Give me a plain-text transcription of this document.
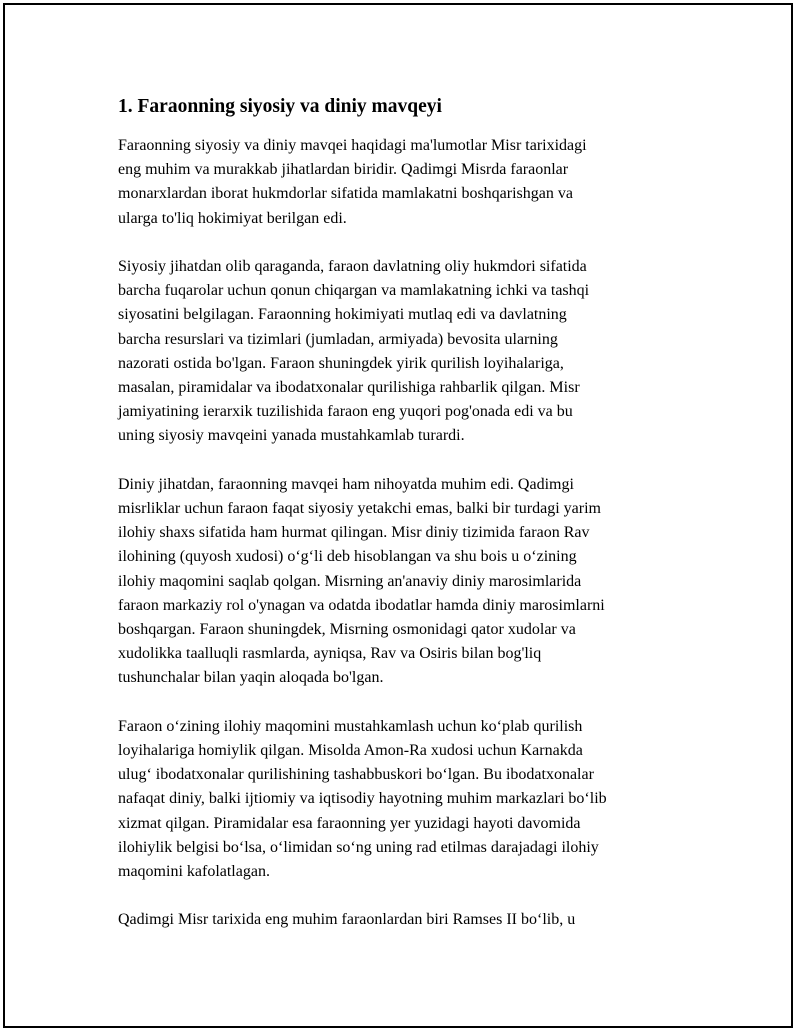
1. Faraonning siyosiy va diniy mavqeyi

Faraonning siyosiy va diniy mavqei haqidagi ma'lumotlar Misr tarixidagi
eng muhim va murakkab jihatlardan biridir. Qadimgi Misrda faraonlar
monarxlardan iborat hukmdorlar sifatida mamlakatni boshqarishgan va
ularga to'liq hokimiyat berilgan edi.

Siyosiy jihatdan olib qaraganda, faraon davlatning oliy hukmdori sifatida
barcha fuqarolar uchun qonun chiqargan va mamlakatning ichki va tashqi
siyosatini belgilagan. Faraonning hokimiyati mutlaq edi va davlatning
barcha resurslari va tizimlari (jumladan, armiyada) bevosita ularning
nazorati ostida bo'lgan. Faraon shuningdek yirik qurilish loyihalariga,
masalan, piramidalar va ibodatxonalar qurilishiga rahbarlik qilgan. Misr
jamiyatining ierarxik tuzilishida faraon eng yuqori pog'onada edi va bu
uning siyosiy mavqeini yanada mustahkamlab turardi.

Diniy jihatdan, faraonning mavqei ham nihoyatda muhim edi. Qadimgi
misrliklar uchun faraon faqat siyosiy yetakchi emas, balki bir turdagi yarim
ilohiy shaxs sifatida ham hurmat qilingan. Misr diniy tizimida faraon Rav
ilohining (quyosh xudosi) o‘g‘li deb hisoblangan va shu bois u o‘zining
ilohiy maqomini saqlab qolgan. Misrning an'anaviy diniy marosimlarida
faraon markaziy rol o'ynagan va odatda ibodatlar hamda diniy marosimlarni
boshqargan. Faraon shuningdek, Misrning osmonidagi qator xudolar va
xudolikka taalluqli rasmlarda, ayniqsa, Rav va Osiris bilan bog'liq
tushunchalar bilan yaqin aloqada bo'lgan.

Faraon o‘zining ilohiy maqomini mustahkamlash uchun ko‘plab qurilish
loyihalariga homiylik qilgan. Misolda Amon-Ra xudosi uchun Karnakda
ulug‘ ibodatxonalar qurilishining tashabbuskori bo‘lgan. Bu ibodatxonalar
nafaqat diniy, balki ijtiomiy va iqtisodiy hayotning muhim markazlari bo‘lib
xizmat qilgan. Piramidalar esa faraonning yer yuzidagi hayoti davomida
ilohiylik belgisi bo‘lsa, o‘limidan so‘ng uning rad etilmas darajadagi ilohiy
maqomini kafolatlagan.

Qadimgi Misr tarixida eng muhim faraonlardan biri Ramses II bo‘lib, u
